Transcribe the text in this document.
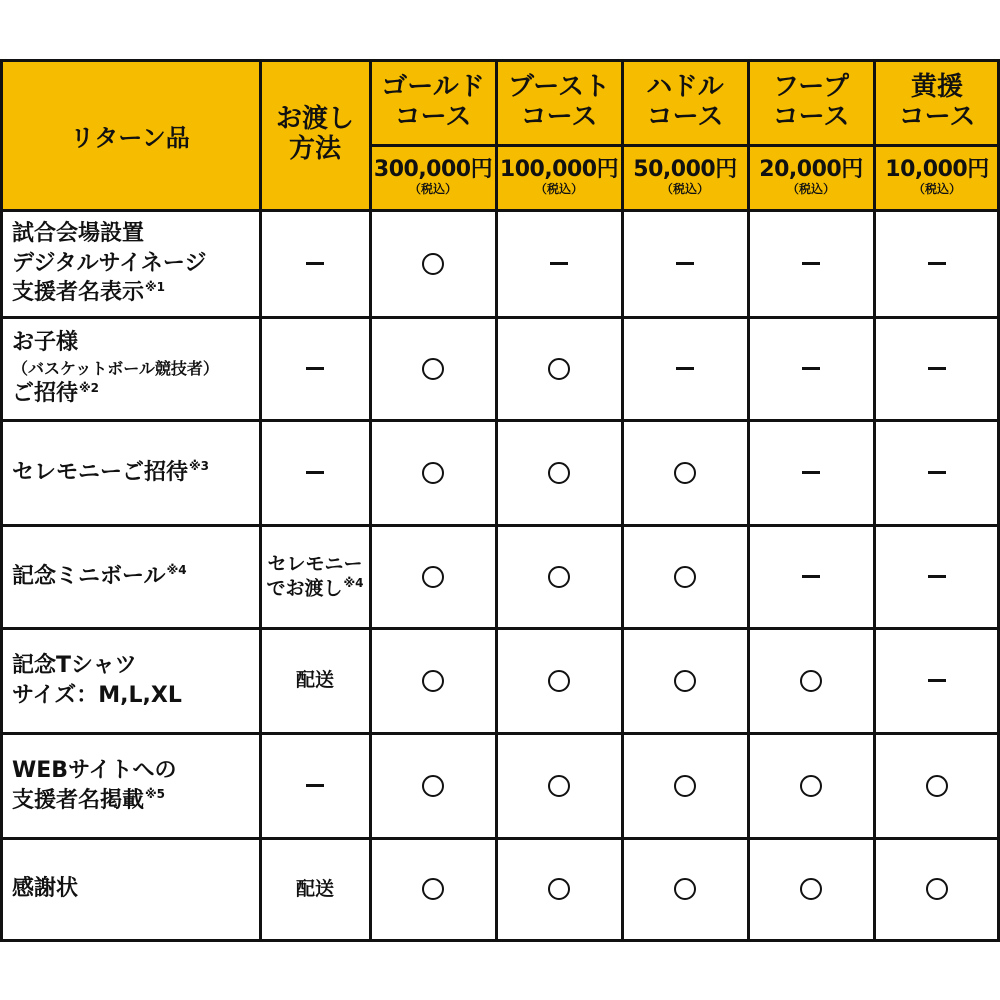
リターン品
お渡し
方法
ゴールド
コース
300,000円
（税込）
ブースト
コース
100,000円
（税込）
ハドル
コース
50,000円
（税込）
フープ
コース
20,000円
（税込）
黄援
コース
10,000円
（税込）
試合会場設置
デジタルサイネージ
支援者名表示$^{※1}$
お子様
（バスケットボール競技者）
ご招待$^{※2}$
セレモニーご招待$^{※3}$
記念ミニボール$^{※4}$	セレモニー
でお渡し$^{※4}$
記念Tシャツ
サイズ：M,L,XL
配送
WEBサイトへの
支援者名掲載$^{※5}$
感謝状	配送
